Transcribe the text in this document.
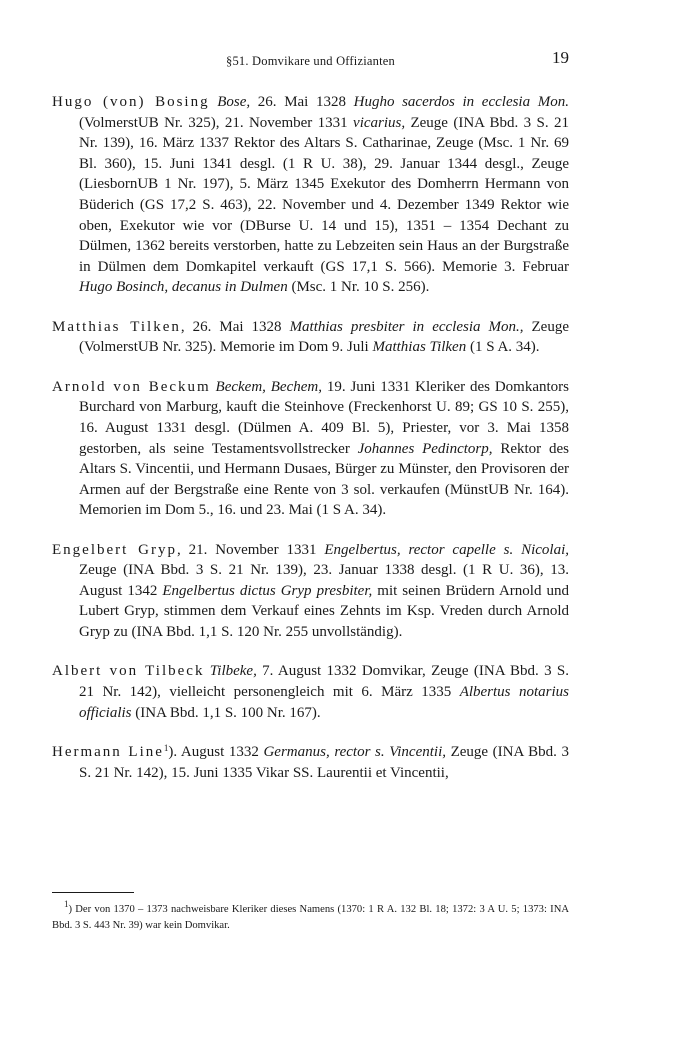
§51. Domvikare und Offizianten	19

Hugo (von) Bosing Bose, 26. Mai 1328 Hugho sacerdos in ecclesia Mon. (VolmerstUB Nr. 325), 21. November 1331 vicarius, Zeuge (INA Bbd. 3 S. 21 Nr. 139), 16. März 1337 Rektor des Altars S. Catharinae, Zeuge (Msc. 1 Nr. 69 Bl. 360), 15. Juni 1341 desgl. (1 R U. 38), 29. Januar 1344 desgl., Zeuge (LiesbornUB 1 Nr. 197), 5. März 1345 Exekutor des Domherrn Hermann von Büderich (GS 17,2 S. 463), 22. November und 4. Dezember 1349 Rektor wie oben, Exekutor wie vor (DBurse U. 14 und 15), 1351 – 1354 Dechant zu Dülmen, 1362 bereits verstorben, hatte zu Lebzeiten sein Haus an der Burgstraße in Dülmen dem Domkapitel verkauft (GS 17,1 S. 566). Memorie 3. Februar Hugo Bosinch, decanus in Dulmen (Msc. 1 Nr. 10 S. 256).

Matthias Tilken, 26. Mai 1328 Matthias presbiter in ecclesia Mon., Zeuge (VolmerstUB Nr. 325). Memorie im Dom 9. Juli Matthias Tilken (1 S A. 34).

Arnold von Beckum Beckem, Bechem, 19. Juni 1331 Kleriker des Domkantors Burchard von Marburg, kauft die Steinhove (Freckenhorst U. 89; GS 10 S. 255), 16. August 1331 desgl. (Dülmen A. 409 Bl. 5), Priester, vor 3. Mai 1358 gestorben, als seine Testamentsvollstrecker Johannes Pedinctorp, Rektor des Altars S. Vincentii, und Hermann Dusaes, Bürger zu Münster, den Provisoren der Armen auf der Bergstraße eine Rente von 3 sol. verkaufen (MünstUB Nr. 164). Memorien im Dom 5., 16. und 23. Mai (1 S A. 34).

Engelbert Gryp, 21. November 1331 Engelbertus, rector capelle s. Nicolai, Zeuge (INA Bbd. 3 S. 21 Nr. 139), 23. Januar 1338 desgl. (1 R U. 36), 13. August 1342 Engelbertus dictus Gryp presbiter, mit seinen Brüdern Arnold und Lubert Gryp, stimmen dem Verkauf eines Zehnts im Ksp. Vreden durch Arnold Gryp zu (INA Bbd. 1,1 S. 120 Nr. 255 unvollständig).

Albert von Tilbeck Tilbeke, 7. August 1332 Domvikar, Zeuge (INA Bbd. 3 S. 21 Nr. 142), vielleicht personengleich mit 6. März 1335 Albertus notarius officialis (INA Bbd. 1,1 S. 100 Nr. 167).

Hermann Line$^1$). August 1332 Germanus, rector s. Vincentii, Zeuge (INA Bbd. 3 S. 21 Nr. 142), 15. Juni 1335 Vikar SS. Laurentii et Vincentii,

$^1$) Der von 1370 – 1373 nachweisbare Kleriker dieses Namens (1370: 1 R A. 132 Bl. 18; 1372: 3 A U. 5; 1373: INA Bbd. 3 S. 443 Nr. 39) war kein Domvikar.
